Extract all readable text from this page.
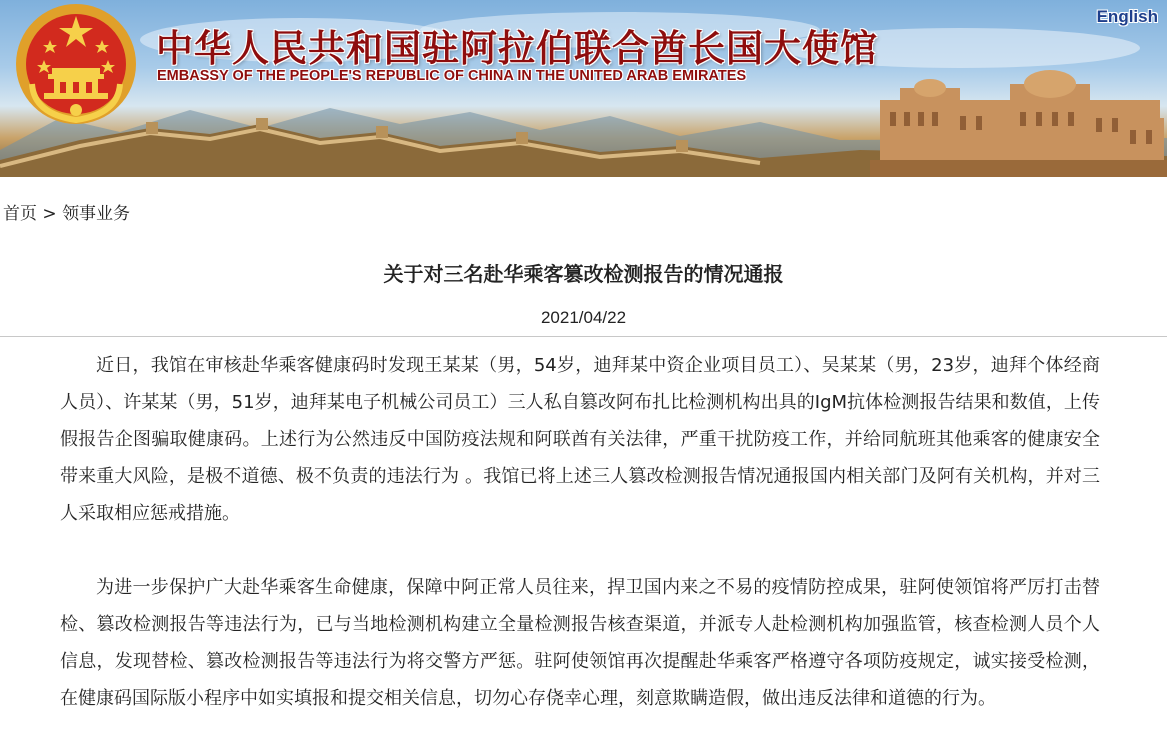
中华人民共和国驻阿拉伯联合酋长国大使馆
EMBASSY OF THE PEOPLE'S REPUBLIC OF CHINA IN THE UNITED ARAB EMIRATES
English
首页 > 领事业务
关于对三名赴华乘客篡改检测报告的情况通报
2021/04/22

近日，我馆在审核赴华乘客健康码时发现王某某（男，54岁，迪拜某中资企业项目员工）、吴某某（男，23岁，迪拜个体经商人员）、许某某（男，51岁，迪拜某电子机械公司员工）三人私自篡改阿布扎比检测机构出具的IgM抗体检测报告结果和数值，上传假报告企图骗取健康码。上述行为公然违反中国防疫法规和阿联酋有关法律，严重干扰防疫工作，并给同航班其他乘客的健康安全带来重大风险，是极不道德、极不负责的违法行为 。我馆已将上述三人篡改检测报告情况通报国内相关部门及阿有关机构，并对三人采取相应惩戒措施。

为进一步保护广大赴华乘客生命健康，保障中阿正常人员往来，捍卫国内来之不易的疫情防控成果，驻阿使领馆将严厉打击替检、篡改检测报告等违法行为，已与当地检测机构建立全量检测报告核查渠道，并派专人赴检测机构加强监管，核查检测人员个人信息，发现替检、篡改检测报告等违法行为将交警方严惩。驻阿使领馆再次提醒赴华乘客严格遵守各项防疫规定，诚实接受检测，在健康码国际版小程序中如实填报和提交相关信息，切勿心存侥幸心理，刻意欺瞒造假，做出违反法律和道德的行为。
